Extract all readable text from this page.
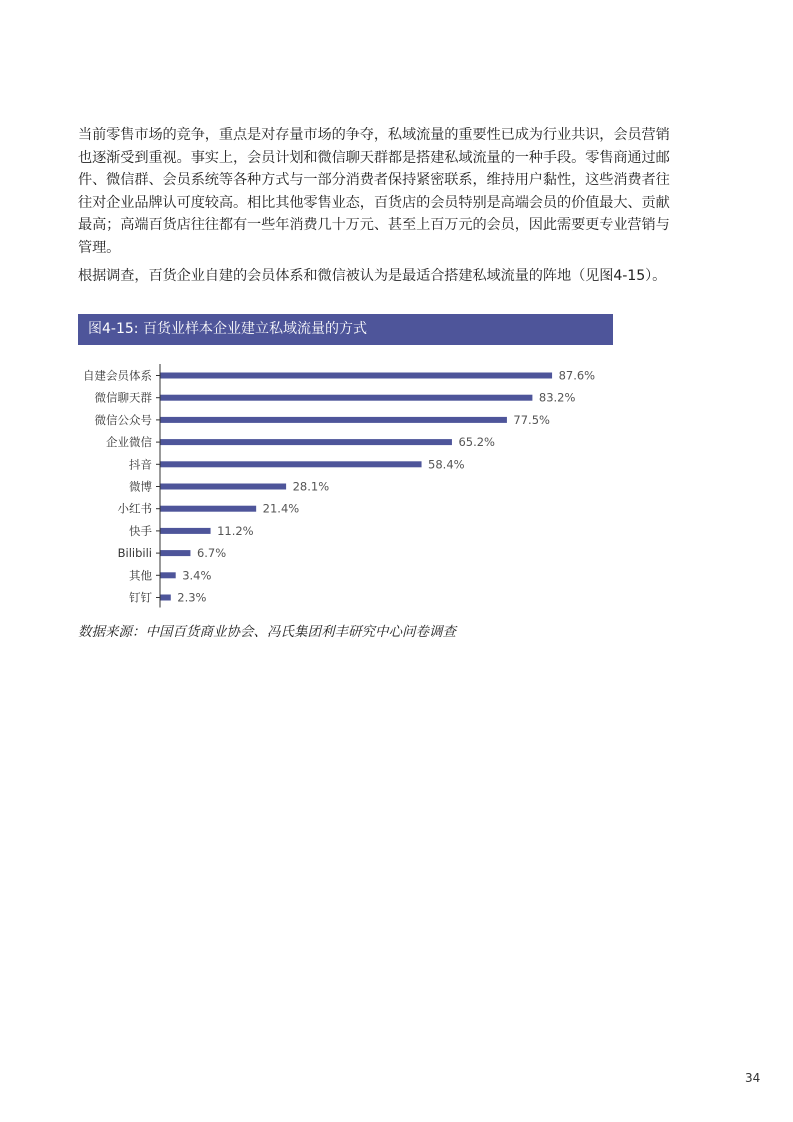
当前零售市场的竞争，重点是对存量市场的争夺，私域流量的重要性已成为行业共识，会员营销也逐渐受到重视。事实上，会员计划和微信聊天群都是搭建私域流量的一种手段。零售商通过邮件、微信群、会员系统等各种方式与一部分消费者保持紧密联系，维持用户黏性，这些消费者往往对企业品牌认可度较高。相比其他零售业态，百货店的会员特别是高端会员的价值最大、贡献最高；高端百货店往往都有一些年消费几十万元、甚至上百万元的会员，因此需要更专业营销与管理。

根据调查，百货企业自建的会员体系和微信被认为是最适合搭建私域流量的阵地（见图4-15）。

图4-15: 百货业样本企业建立私域流量的方式
自建会员体系	87.6%
微信聊天群	83.2%
微信公众号	77.5%
企业微信	65.2%
抖音	58.4%
微博	28.1%
小红书	21.4%
快手	11.2%
Bilibili	6.7%
其他	3.4%
钉钉 2.3%
数据来源：中国百货商业协会、冯氏集团利丰研究中心问卷调查
34
